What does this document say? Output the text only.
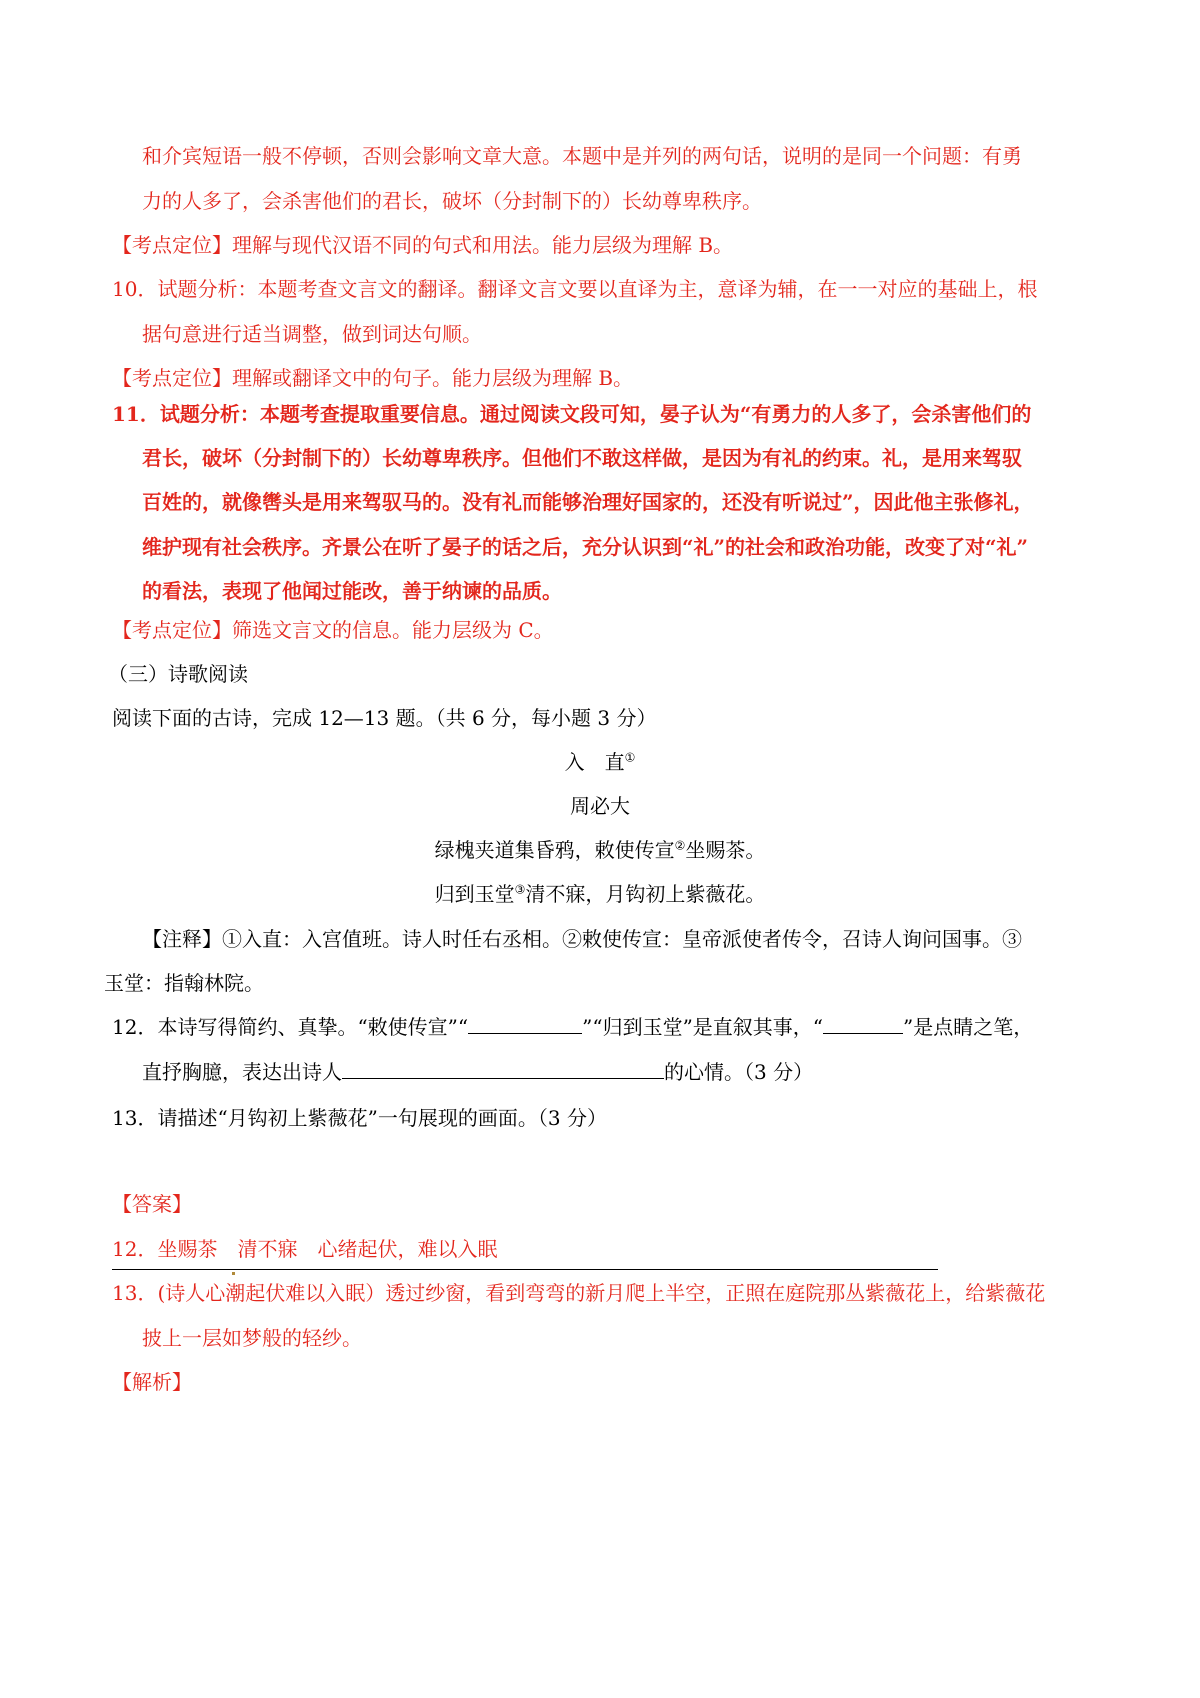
和介宾短语一般不停顿，否则会影响文章大意。本题中是并列的两句话，说明的是同一个问题：有勇
力的人多了，会杀害他们的君长，破坏（分封制下的）长幼尊卑秩序。
【考点定位】理解与现代汉语不同的句式和用法。能力层级为理解 B。
10．试题分析：本题考查文言文的翻译。翻译文言文要以直译为主，意译为辅，在一一对应的基础上，根
据句意进行适当调整，做到词达句顺。
【考点定位】理解或翻译文中的句子。能力层级为理解 B。
11．试题分析：本题考查提取重要信息。通过阅读文段可知，晏子认为“有勇力的人多了，会杀害他们的
君长，破坏（分封制下的）长幼尊卑秩序。但他们不敢这样做，是因为有礼的约束。礼，是用来驾驭
百姓的，就像辔头是用来驾驭马的。没有礼而能够治理好国家的，还没有听说过”，因此他主张修礼，
维护现有社会秩序。齐景公在听了晏子的话之后，充分认识到“礼”的社会和政治功能，改变了对“礼”
的看法，表现了他闻过能改，善于纳谏的品质。
【考点定位】筛选文言文的信息。能力层级为 C。
（三）诗歌阅读
阅读下面的古诗，完成 12—13 题。（共 6 分，每小题 3 分）
入　直①
周必大
绿槐夹道集昏鸦，敕使传宣②坐赐茶。
归到玉堂③清不寐，月钩初上紫薇花。
【注释】①入直：入宫值班。诗人时任右丞相。②敕使传宣：皇帝派使者传令，召诗人询问国事。③
玉堂：指翰林院。
12．本诗写得简约、真挚。“敕使传宣”“	”“归到玉堂”是直叙其事，“	”是点睛之笔，
直抒胸臆，表达出诗人	的心情。（3 分）
13．请描述“月钩初上紫薇花”一句展现的画面。（3 分）
【答案】
12．坐赐茶　清不寐　心绪起伏，难以入眠
13．(诗人心潮起伏难以入眠）透过纱窗，看到弯弯的新月爬上半空，正照在庭院那丛紫薇花上，给紫薇花
披上一层如梦般的轻纱。
【解析】
